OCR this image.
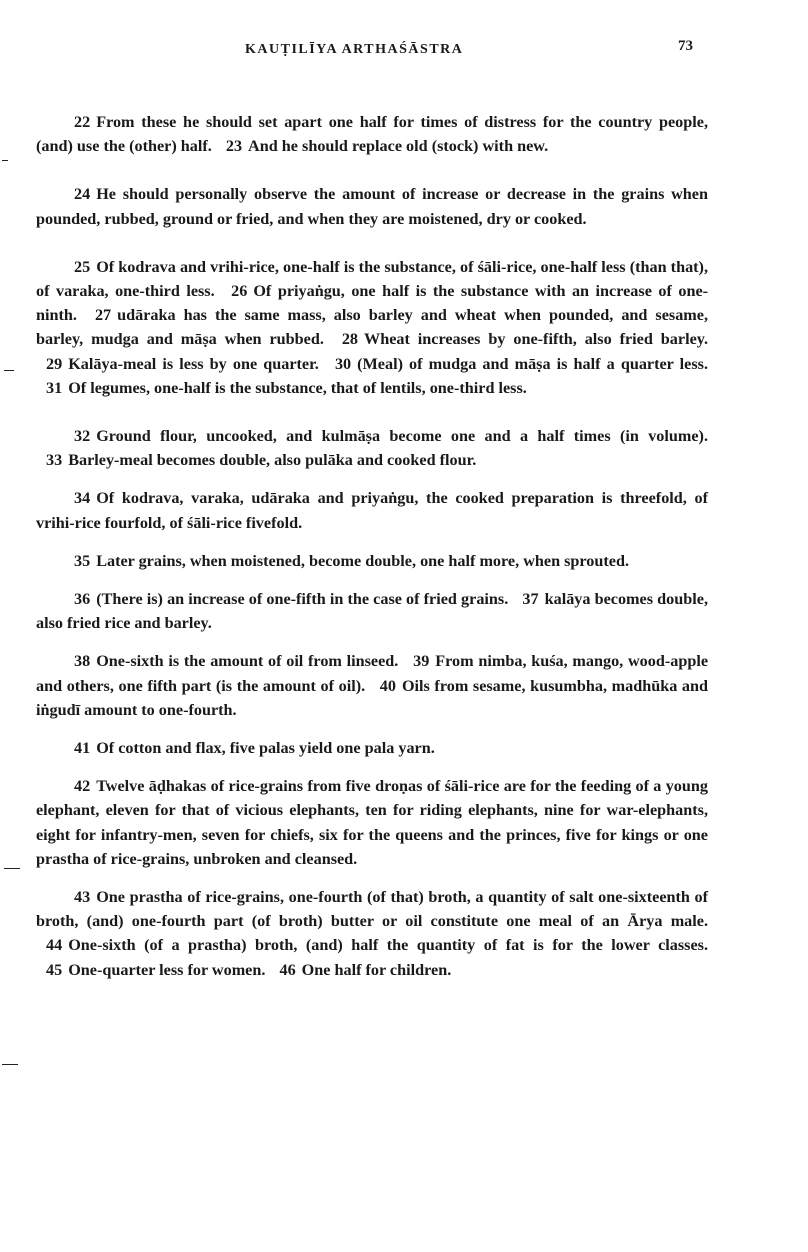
KAUṬILĪYA ARTHAŚĀSTRA	73

22 From these he should set apart one half for times of distress for the country people, (and) use the (other) half. 23 And he should replace old (stock) with new.

24 He should personally observe the amount of increase or decrease in the grains when pounded, rubbed, ground or fried, and when they are moistened, dry or cooked.

25 Of kodrava and vrihi-rice, one-half is the substance, of śāli-rice, one-half less (than that), of varaka, one-third less. 26 Of priyaṅgu, one half is the substance with an increase of one-ninth. 27 udāraka has the same mass, also barley and wheat when pounded, and sesame, barley, mudga and māṣa when rubbed. 28 Wheat increases by one-fifth, also fried barley. 29 Kalāya-meal is less by one quarter. 30 (Meal) of mudga and māṣa is half a quarter less. 31 Of legumes, one-half is the substance, that of lentils, one-third less.

32 Ground flour, uncooked, and kulmāṣa become one and a half times (in volume). 33 Barley-meal becomes double, also pulāka and cooked flour.

34 Of kodrava, varaka, udāraka and priyaṅgu, the cooked preparation is threefold, of vrihi-rice fourfold, of śāli-rice fivefold.

35 Later grains, when moistened, become double, one half more, when sprouted.

36 (There is) an increase of one-fifth in the case of fried grains. 37 kalāya becomes double, also fried rice and barley.

38 One-sixth is the amount of oil from linseed. 39 From nimba, kuśa, mango, wood-apple and others, one fifth part (is the amount of oil). 40 Oils from sesame, kusumbha, madhūka and iṅgudī amount to one-fourth.

41 Of cotton and flax, five palas yield one pala yarn.

42 Twelve āḍhakas of rice-grains from five droṇas of śāli-rice are for the feeding of a young elephant, eleven for that of vicious elephants, ten for riding elephants, nine for war-elephants, eight for infantry-men, seven for chiefs, six for the queens and the princes, five for kings or one prastha of rice-grains, unbroken and cleansed.

43 One prastha of rice-grains, one-fourth (of that) broth, a quantity of salt one-sixteenth of broth, (and) one-fourth part (of broth) butter or oil constitute one meal of an Ārya male. 44 One-sixth (of a prastha) broth, (and) half the quantity of fat is for the lower classes. 45 One-quarter less for women. 46 One half for children.
